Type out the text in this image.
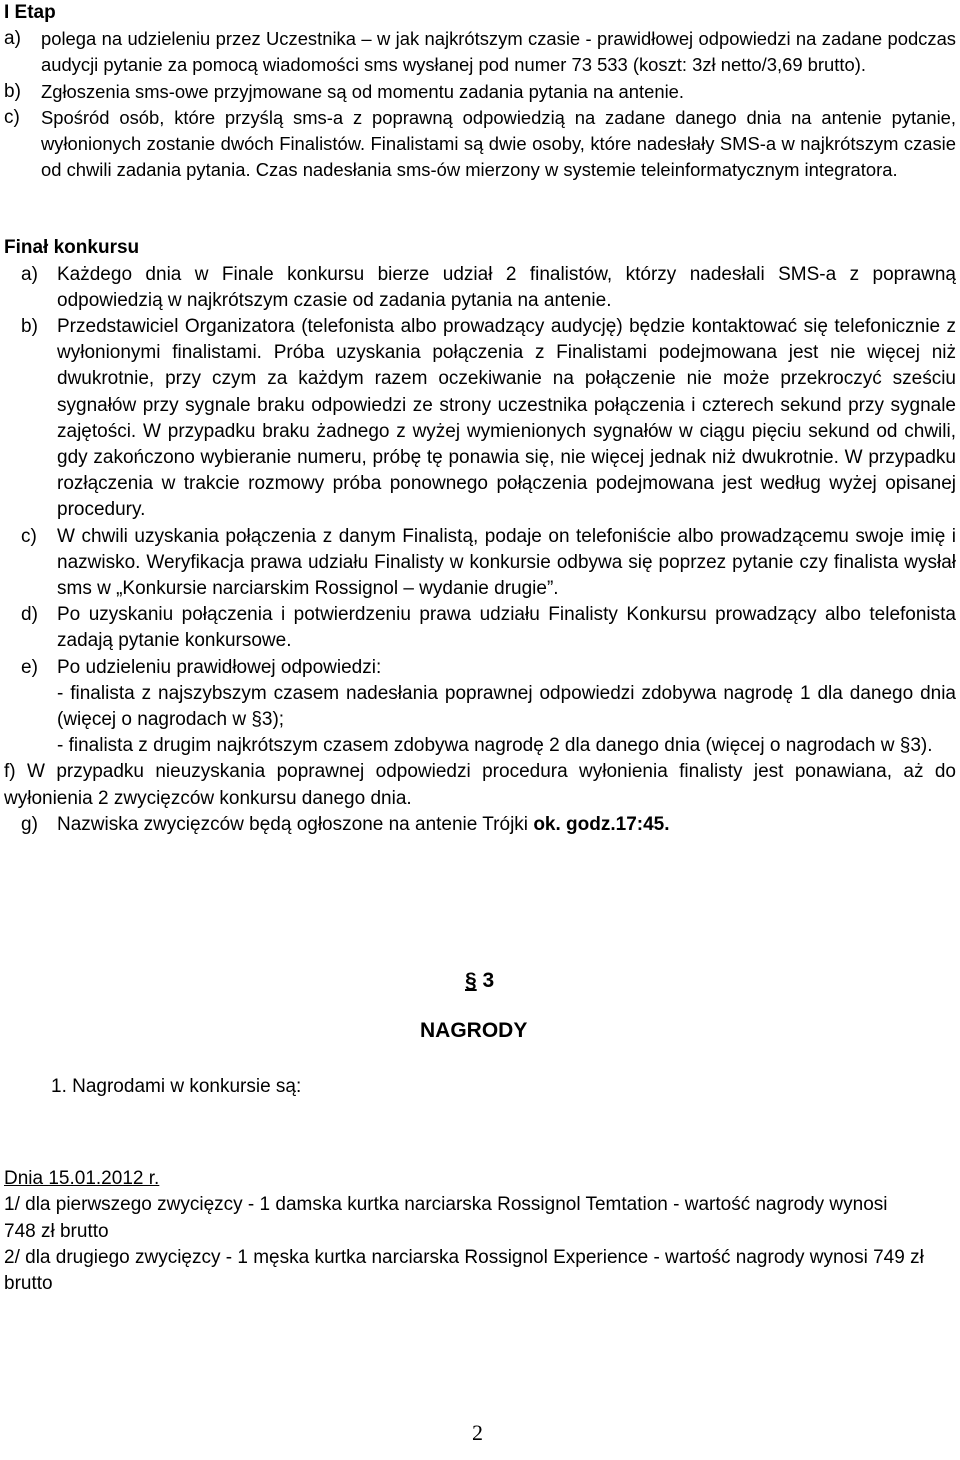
I Etap

a)	polega na udzieleniu przez Uczestnika – w jak najkrótszym czasie - prawidłowej odpowiedzi na zadane podczas audycji pytanie za pomocą wiadomości sms wysłanej pod numer 73 533 (koszt: 3zł netto/3,69 brutto).
b)	Zgłoszenia sms-owe przyjmowane są od momentu zadania pytania na antenie.
c)	Spośród osób, które przyślą sms-a z poprawną odpowiedzią na zadane danego dnia na antenie pytanie, wyłonionych zostanie dwóch Finalistów. Finalistami są dwie osoby, które nadesłały SMS-a w najkrótszym czasie od chwili zadania pytania. Czas nadesłania sms-ów mierzony w systemie teleinformatycznym integratora.

Finał konkursu

a)	Każdego dnia w Finale konkursu bierze udział 2 finalistów, którzy nadesłali SMS-a z poprawną odpowiedzią w najkrótszym czasie od zadania pytania na antenie.
b)	Przedstawiciel Organizatora (telefonista albo prowadzący audycję) będzie kontaktować się telefonicznie z wyłonionymi finalistami. Próba uzyskania połączenia z Finalistami podejmowana jest nie więcej niż dwukrotnie, przy czym za każdym razem oczekiwanie na połączenie nie może przekroczyć sześciu sygnałów przy sygnale braku odpowiedzi ze strony uczestnika połączenia i czterech sekund przy sygnale zajętości. W przypadku braku żadnego z wyżej wymienionych sygnałów w ciągu pięciu sekund od chwili, gdy zakończono wybieranie numeru, próbę tę ponawia się, nie więcej jednak niż dwukrotnie. W przypadku rozłączenia w trakcie rozmowy próba ponownego połączenia podejmowana jest według wyżej opisanej procedury.
c)	W chwili uzyskania połączenia z danym Finalistą, podaje on telefoniście albo prowadzącemu swoje imię i nazwisko. Weryfikacja prawa udziału Finalisty w konkursie odbywa się poprzez pytanie czy finalista wysłał sms w „Konkursie narciarskim Rossignol – wydanie drugie”.
d)	Po uzyskaniu połączenia i potwierdzeniu prawa udziału Finalisty Konkursu prowadzący albo telefonista zadają pytanie konkursowe.
e)	Po udzieleniu prawidłowej odpowiedzi:
- finalista z najszybszym czasem nadesłania poprawnej odpowiedzi zdobywa nagrodę 1 dla danego dnia (więcej o nagrodach w §3);
- finalista z drugim najkrótszym czasem zdobywa nagrodę 2 dla danego dnia (więcej o nagrodach w §3).

f) W przypadku nieuzyskania poprawnej odpowiedzi procedura wyłonienia finalisty jest ponawiana, aż do wyłonienia 2 zwycięzców konkursu danego dnia.

g)	Nazwiska zwycięzców będą ogłoszone na antenie Trójki ok. godz.17:45.
§ 3
NAGRODY
1. Nagrodami w konkursie są:

Dnia 15.01.2012 r.

1/ dla pierwszego zwycięzcy - 1 damska kurtka narciarska Rossignol Temtation - wartość nagrody wynosi 748 zł brutto

2/ dla drugiego zwycięzcy - 1 męska kurtka narciarska Rossignol Experience - wartość nagrody wynosi 749 zł brutto

2
